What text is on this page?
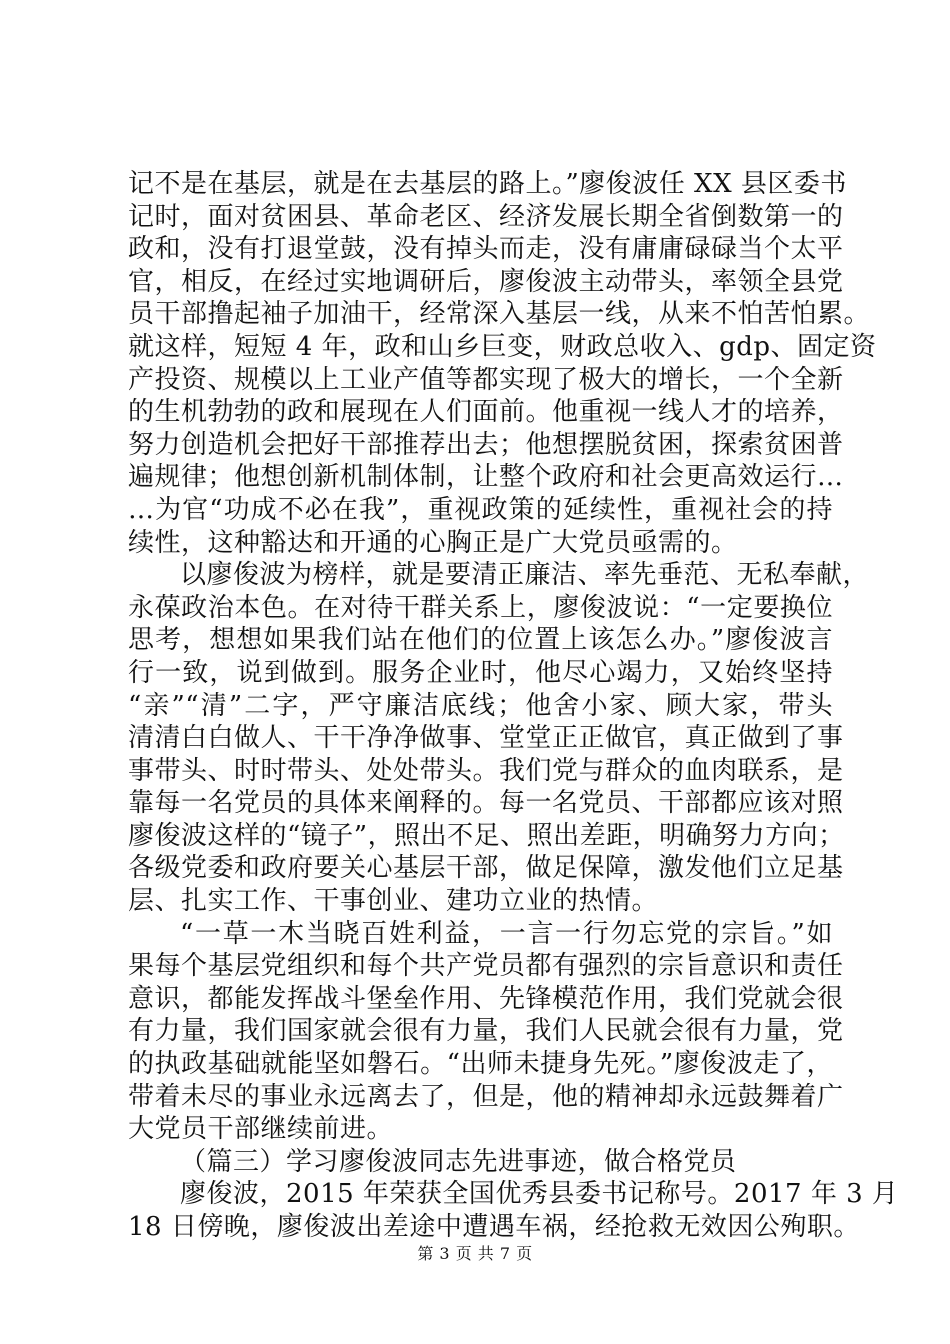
记不是在基层，就是在去基层的路上。”廖俊波任 XX 县区委书
记时，面对贫困县、革命老区、经济发展长期全省倒数第一的
政和，没有打退堂鼓，没有掉头而走，没有庸庸碌碌当个太平
官，相反，在经过实地调研后，廖俊波主动带头，率领全县党
员干部撸起袖子加油干，经常深入基层一线，从来不怕苦怕累。
就这样，短短 4 年，政和山乡巨变，财政总收入、gdp、固定资
产投资、规模以上工业产值等都实现了极大的增长，一个全新
的生机勃勃的政和展现在人们面前。他重视一线人才的培养，
努力创造机会把好干部推荐出去；他想摆脱贫困，探索贫困普
遍规律；他想创新机制体制，让整个政府和社会更高效运行…
…为官“功成不必在我”，重视政策的延续性，重视社会的持
续性，这种豁达和开通的心胸正是广大党员亟需的。
以廖俊波为榜样，就是要清正廉洁、率先垂范、无私奉献，
永葆政治本色。在对待干群关系上，廖俊波说：“一定要换位
思考，想想如果我们站在他们的位置上该怎么办。”廖俊波言
行一致，说到做到。服务企业时，他尽心竭力，又始终坚持
“亲”“清”二字，严守廉洁底线；他舍小家、顾大家，带头
清清白白做人、干干净净做事、堂堂正正做官，真正做到了事
事带头、时时带头、处处带头。我们党与群众的血肉联系，是
靠每一名党员的具体来阐释的。每一名党员、干部都应该对照
廖俊波这样的“镜子”，照出不足、照出差距，明确努力方向；
各级党委和政府要关心基层干部，做足保障，激发他们立足基
层、扎实工作、干事创业、建功立业的热情。
“一草一木当晓百姓利益，一言一行勿忘党的宗旨。”如
果每个基层党组织和每个共产党员都有强烈的宗旨意识和责任
意识，都能发挥战斗堡垒作用、先锋模范作用，我们党就会很
有力量，我们国家就会很有力量，我们人民就会很有力量，党
的执政基础就能坚如磐石。“出师未捷身先死。”廖俊波走了，
带着未尽的事业永远离去了，但是，他的精神却永远鼓舞着广
大党员干部继续前进。
（篇三）学习廖俊波同志先进事迹，做合格党员
廖俊波，2015 年荣获全国优秀县委书记称号。2017 年 3 月
18 日傍晚，廖俊波出差途中遭遇车祸，经抢救无效因公殉职。
第 3 页 共 7 页
